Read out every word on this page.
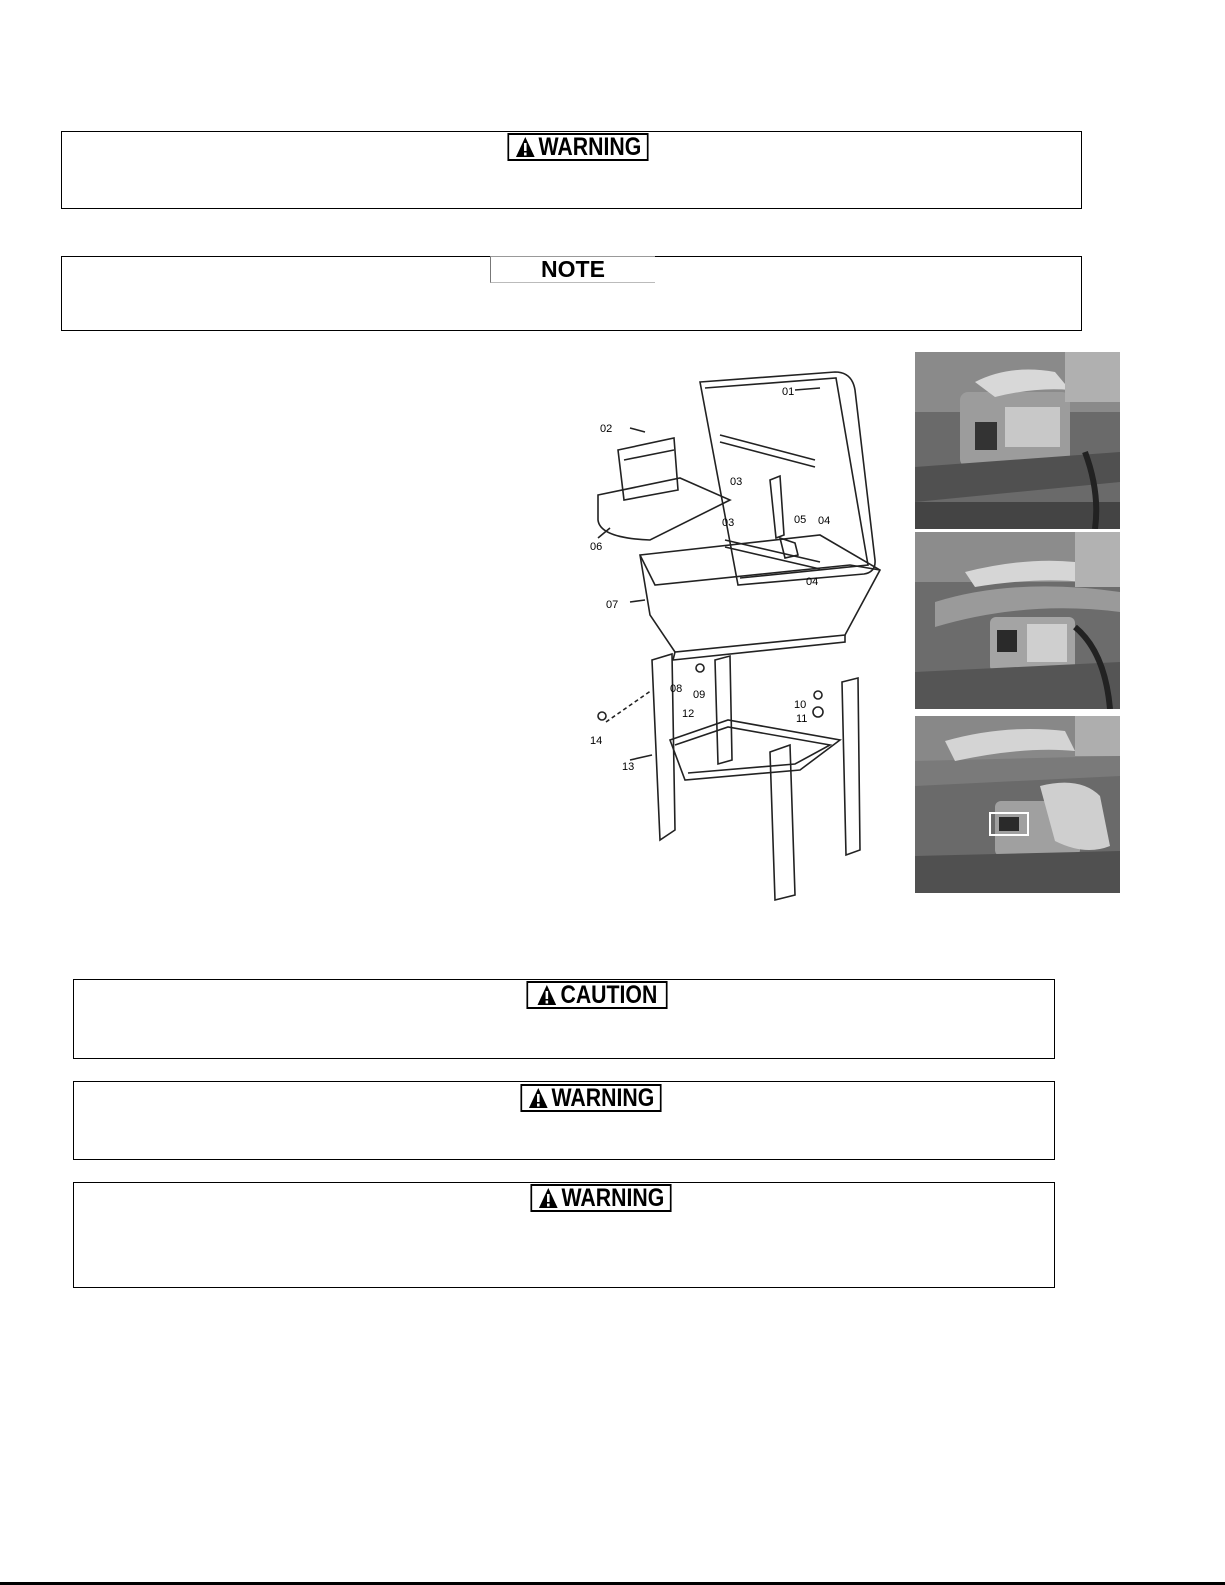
WARNING
NOTE
01
02
03
03	04
04
05
06
07
08 09
10
11
12
13
14
CAUTION
WARNING
WARNING
